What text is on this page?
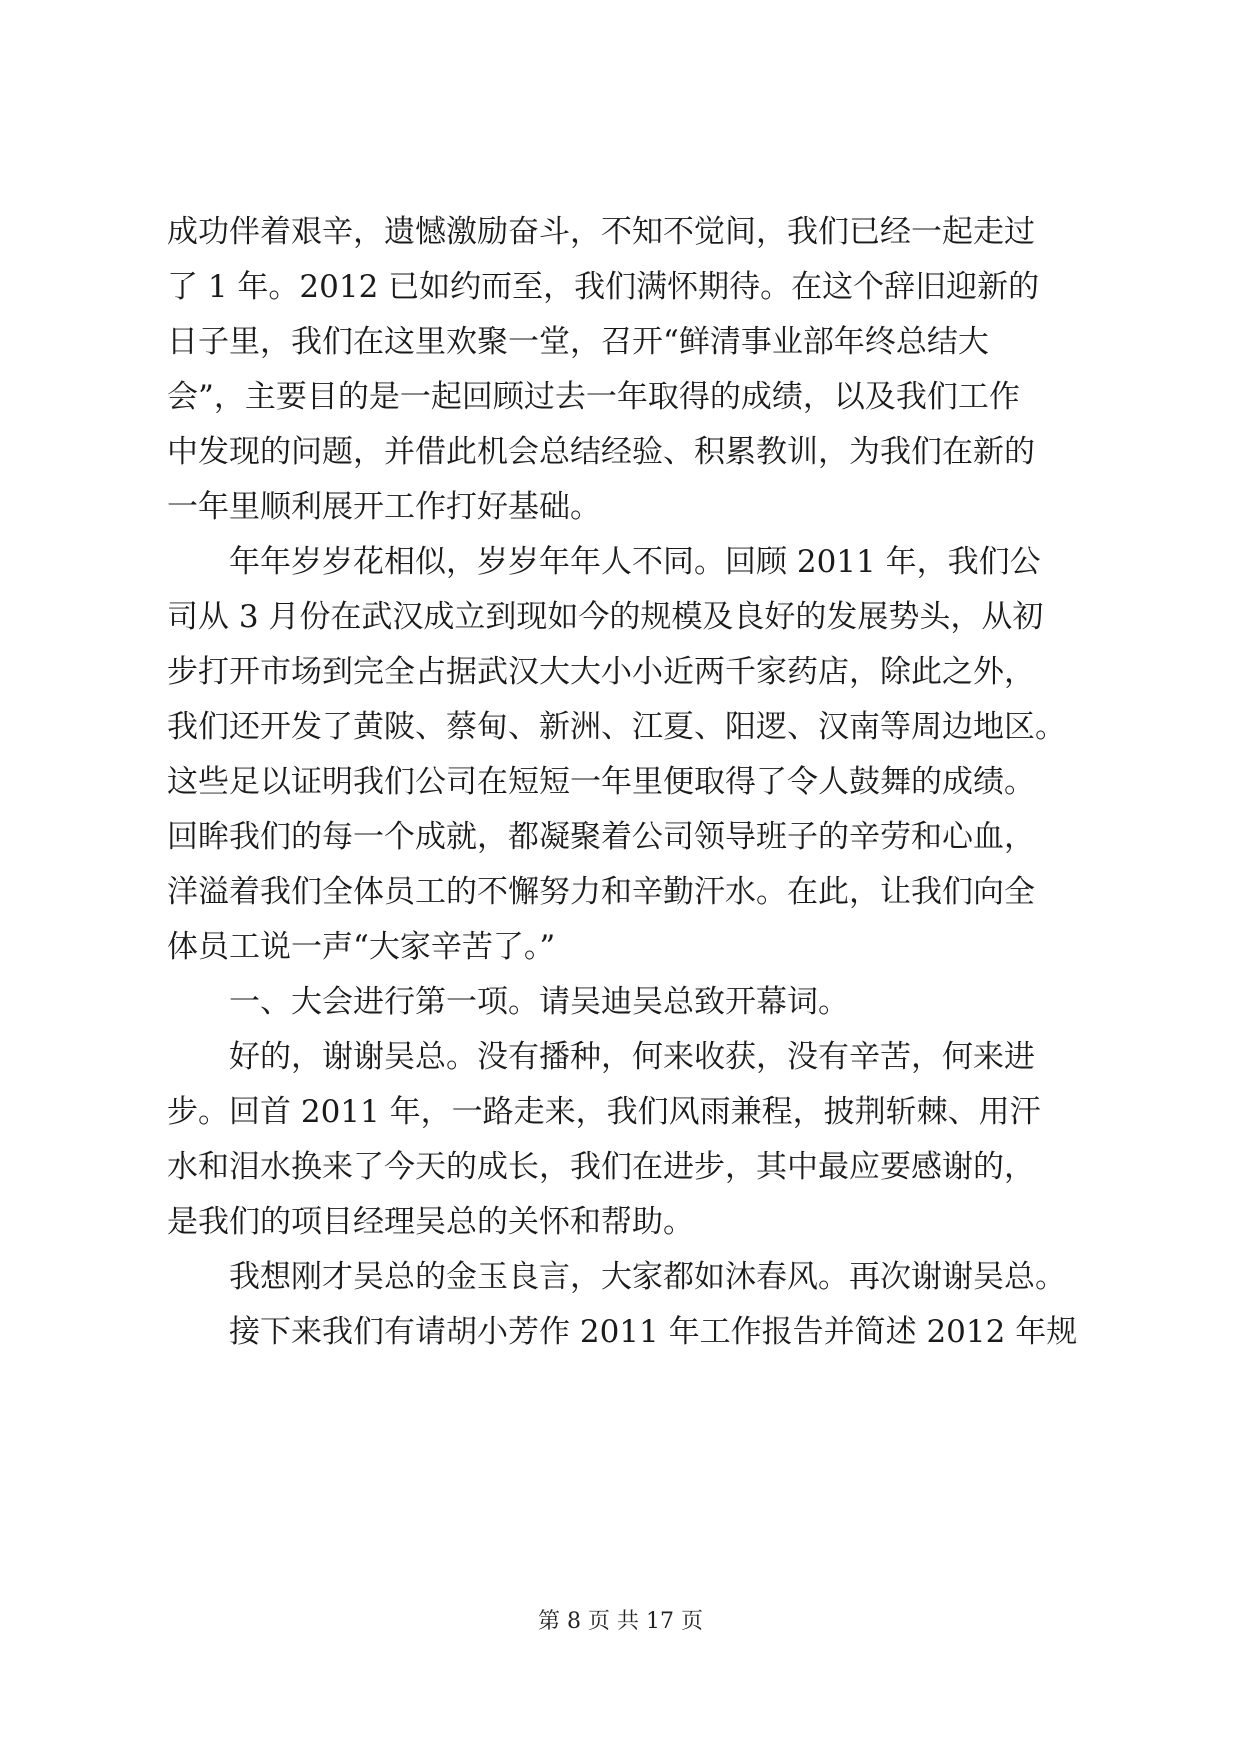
成功伴着艰辛，遗憾激励奋斗，不知不觉间，我们已经一起走过
了 1 年。2012 已如约而至，我们满怀期待。在这个辞旧迎新的
日子里，我们在这里欢聚一堂，召开“鲜清事业部年终总结大
会”，主要目的是一起回顾过去一年取得的成绩，以及我们工作
中发现的问题，并借此机会总结经验、积累教训，为我们在新的
一年里顺利展开工作打好基础。
年年岁岁花相似，岁岁年年人不同。回顾 2011 年，我们公
司从 3 月份在武汉成立到现如今的规模及良好的发展势头，从初
步打开市场到完全占据武汉大大小小近两千家药店，除此之外，
我们还开发了黄陂、蔡甸、新洲、江夏、阳逻、汉南等周边地区。
这些足以证明我们公司在短短一年里便取得了令人鼓舞的成绩。
回眸我们的每一个成就，都凝聚着公司领导班子的辛劳和心血，
洋溢着我们全体员工的不懈努力和辛勤汗水。在此，让我们向全
体员工说一声“大家辛苦了。”
一、大会进行第一项。请吴迪吴总致开幕词。
好的，谢谢吴总。没有播种，何来收获，没有辛苦，何来进
步。回首 2011 年，一路走来，我们风雨兼程，披荆斩棘、用汗
水和泪水换来了今天的成长，我们在进步，其中最应要感谢的，
是我们的项目经理吴总的关怀和帮助。
我想刚才吴总的金玉良言，大家都如沐春风。再次谢谢吴总。
接下来我们有请胡小芳作 2011 年工作报告并简述 2012 年规
第 8 页 共 17 页
